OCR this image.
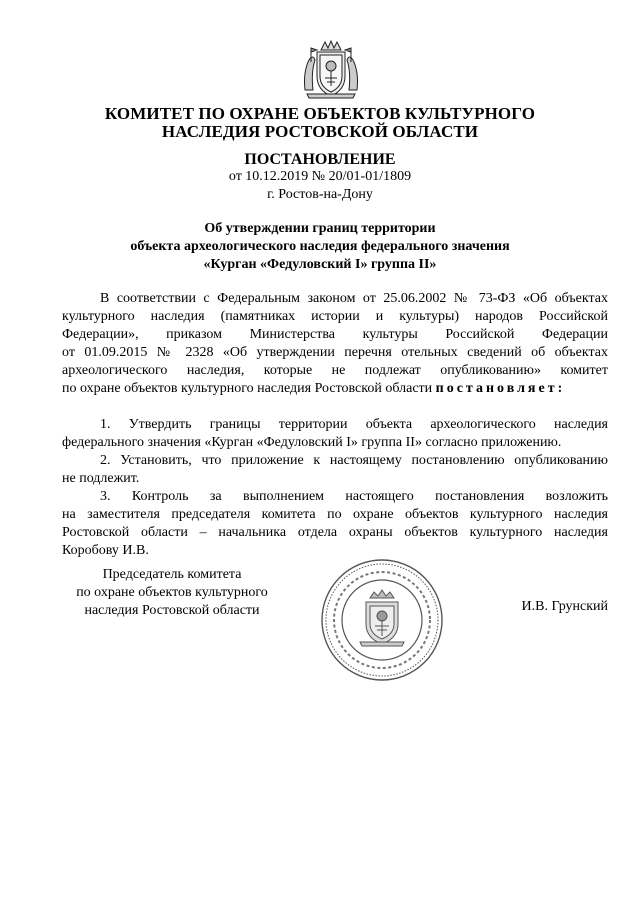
КОМИТЕТ ПО ОХРАНЕ ОБЪЕКТОВ КУЛЬТУРНОГО
НАСЛЕДИЯ РОСТОВСКОЙ ОБЛАСТИ
ПОСТАНОВЛЕНИЕ
от 10.12.2019 № 20/01-01/1809
г. Ростов-на-Дону
Об утверждении границ территории
объекта археологического наследия федерального значения
«Курган «Федуловский I» группа II»
В соответствии с Федеральным законом от 25.06.2002 № 73-ФЗ «Об объектах
культурного наследия (памятниках истории и культуры) народов Российской
Федерации», приказом Министерства культуры Российской Федерации
от 01.09.2015 № 2328 «Об утверждении перечня отельных сведений об объектах
археологического наследия, которые не подлежат опубликованию» комитет
по охране объектов культурного наследия Ростовской области постановляет:
1. Утвердить границы территории объекта археологического наследия
федерального значения «Курган «Федуловский I» группа II» согласно приложению.
2. Установить, что приложение к настоящему постановлению опубликованию
не подлежит.
3. Контроль за выполнением настоящего постановления возложить
на заместителя председателя комитета по охране объектов культурного наследия
Ростовской области – начальника отдела охраны объектов культурного наследия
Коробову И.В.
Председатель комитета
по охране объектов культурного
наследия Ростовской области	И.В. Грунский
